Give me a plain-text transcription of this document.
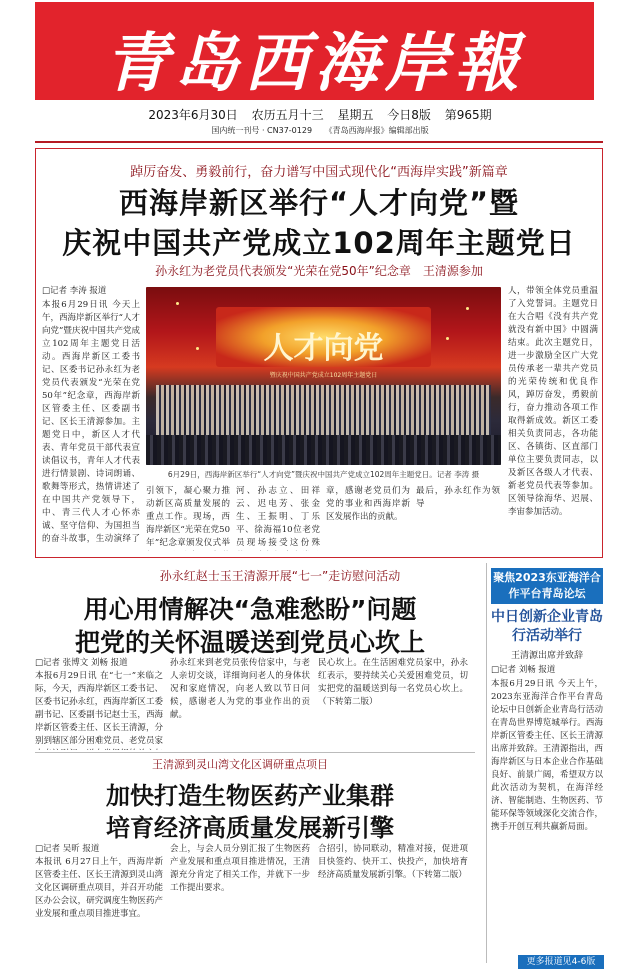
青岛西海岸報
2023年6月30日 农历五月十三 星期五 今日8版 第965期
国内统一刊号 · CN37-0129 《青岛西海岸报》编辑部出版
踔厉奋发、勇毅前行，奋力谱写中国式现代化“西海岸实践”新篇章
西海岸新区举行“人才向党”暨
庆祝中国共产党成立102周年主题党日
孙永红为老党员代表颁发“光荣在党50年”纪念章　王清源参加
□记者 李涛 报道
本报6月29日讯 今天上午，西海岸新区举行“人才向党”暨庆祝中国共产党成立102周年主题党日活动。西海岸新区工委书记、区委书记孙永红为老党员代表颁发“光荣在党50年”纪念章，西海岸新区管委主任、区委副书记、区长王清源参加。主题党日中，新区人才代表、青年党员干部代表宣读倡议书，青年人才代表进行情景剧、诗词朗诵、歌舞等形式，热情讲述了在中国共产党领导下，中、青三代人才心怀赤诚、坚守信仰、为国担当的奋斗故事，生动演绎了
人才向党
暨庆祝中国共产党成立102周年主题党日
6月29日，西海岸新区举行“人才向党”暨庆祝中国共产党成立102周年主题党日。记者 李涛 摄
引领下，凝心聚力推动新区高质量发展的重点工作。现场，西海岸新区“光荣在党50年”纪念章颁发仪式举
河、孙志立、田祥云、迟电芳、张金生、王振明、丁乐平、徐海福10位老党员现场接受这份殊
章，感谢老党员们为党的事业和西海岸新区发展作出的贡献。
最后，孙永红作为领导
人，带领全体党员重温了入党誓词。主题党日在大合唱《没有共产党就没有新中国》中圆满结束。此次主题党日，进一步激励全区广大党员传承老一辈共产党员的光荣传统和优良作风，踔厉奋发，勇毅前行，奋力推动各项工作取得新成效。新区工委相关负责同志，各功能区、各镇街、区直部门单位主要负责同志，以及新区各级人才代表、新老党员代表等参加。区领导徐海华、迟展、李宙参加活动。
孙永红赵士玉王清源开展“七一”走访慰问活动
用心用情解决“急难愁盼”问题
把党的关怀温暖送到党员心坎上
□记者 张博文 刘畅 报道
本报6月29日讯 在“七一”来临之际，今天，西海岸新区工委书记、区委书记孙永红，西海岸新区工委副书记、区委副书记赵士玉，西海岸新区管委主任、区长王清源，分别到辖区部分困难党员、老党员家
孙永红来到老党员张传信家中，与老人亲切交谈，详细询问老人的身体状况和家庭情况，向老人致以节日问候，感谢老人为党的事业作出的贡献。
民心坎上。在生活困难党员家中，孙永红表示，要持续关心关爱困难党员，切实把党的温暖送到每一名党员心坎上。（下转第二版）
王清源到灵山湾文化区调研重点项目
加快打造生物医药产业集群
培育经济高质量发展新引擎
□记者 吴昕 报道
本报讯 6月27日上午，西海岸新区管委主任、区长王清源到灵山湾文化区调研重点项目，并召开功能区办公会议，研究调度生物医药产业发展和重点项目推进事宜。
会上，与会人员分别汇报了生物医药产业发展和重点项目推进情况，王清源充分肯定了相关工作，并就下一步工作提出要求。
合招引，协同联动，精准对接，促进项目快签约、快开工、快投产，加快培育经济高质量发展新引擎。（下转第二版）
聚焦2023东亚海洋合作平台青岛论坛
中日创新企业青岛行活动举行
王清源出席并致辞
□记者 刘畅 报道
本报6月29日讯 今天上午，2023东亚海洋合作平台青岛论坛中日创新企业青岛行活动在青岛世界博览城举行。西海岸新区管委主任、区长王清源出席并致辞。王清源指出，西海岸新区与日本企业合作基础良好、前景广阔，希望双方以此次活动为契机，在海洋经济、智能制造、生物医药、节能环保等领域深化交流合作，携手开创互利共赢新局面。
更多报道见4-6版
